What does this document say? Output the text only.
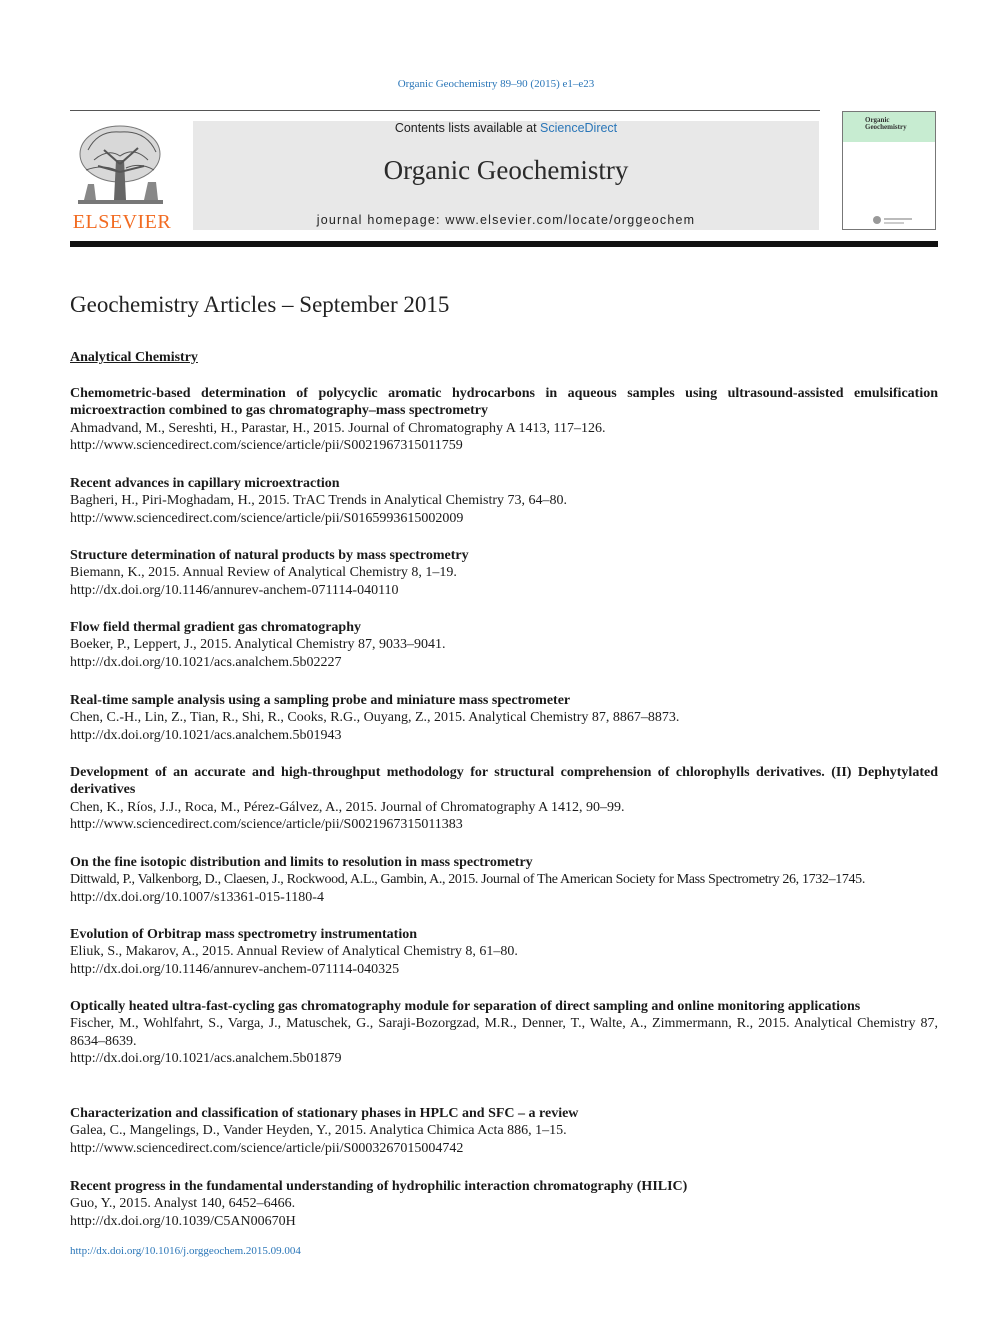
Organic Geochemistry 89–90 (2015) e1–e23
ELSEVIER
Contents lists available at ScienceDirect
Organic Geochemistry
journal homepage: www.elsevier.com/locate/orggeochem
Organic
Geochemistry
Geochemistry Articles – September 2015
Analytical Chemistry
Chemometric-based determination of polycyclic aromatic hydrocarbons in aqueous samples using ultrasound-assisted emulsification microextraction combined to gas chromatography–mass spectrometry
Ahmadvand, M., Sereshti, H., Parastar, H., 2015. Journal of Chromatography A 1413, 117–126.
http://www.sciencedirect.com/science/article/pii/S0021967315011759
Recent advances in capillary microextraction
Bagheri, H., Piri-Moghadam, H., 2015. TrAC Trends in Analytical Chemistry 73, 64–80.
http://www.sciencedirect.com/science/article/pii/S0165993615002009
Structure determination of natural products by mass spectrometry
Biemann, K., 2015. Annual Review of Analytical Chemistry 8, 1–19.
http://dx.doi.org/10.1146/annurev-anchem-071114-040110
Flow field thermal gradient gas chromatography
Boeker, P., Leppert, J., 2015. Analytical Chemistry 87, 9033–9041.
http://dx.doi.org/10.1021/acs.analchem.5b02227
Real-time sample analysis using a sampling probe and miniature mass spectrometer
Chen, C.-H., Lin, Z., Tian, R., Shi, R., Cooks, R.G., Ouyang, Z., 2015. Analytical Chemistry 87, 8867–8873.
http://dx.doi.org/10.1021/acs.analchem.5b01943
Development of an accurate and high-throughput methodology for structural comprehension of chlorophylls derivatives. (II) Dephytylated derivatives
Chen, K., Ríos, J.J., Roca, M., Pérez-Gálvez, A., 2015. Journal of Chromatography A 1412, 90–99.
http://www.sciencedirect.com/science/article/pii/S0021967315011383
On the fine isotopic distribution and limits to resolution in mass spectrometry
Dittwald, P., Valkenborg, D., Claesen, J., Rockwood, A.L., Gambin, A., 2015. Journal of The American Society for Mass Spectrometry 26, 1732–1745.
http://dx.doi.org/10.1007/s13361-015-1180-4
Evolution of Orbitrap mass spectrometry instrumentation
Eliuk, S., Makarov, A., 2015. Annual Review of Analytical Chemistry 8, 61–80.
http://dx.doi.org/10.1146/annurev-anchem-071114-040325
Optically heated ultra-fast-cycling gas chromatography module for separation of direct sampling and online monitoring applications
Fischer, M., Wohlfahrt, S., Varga, J., Matuschek, G., Saraji-Bozorgzad, M.R., Denner, T., Walte, A., Zimmermann, R., 2015. Analytical Chemistry 87, 8634–8639.
http://dx.doi.org/10.1021/acs.analchem.5b01879
Characterization and classification of stationary phases in HPLC and SFC – a review
Galea, C., Mangelings, D., Vander Heyden, Y., 2015. Analytica Chimica Acta 886, 1–15.
http://www.sciencedirect.com/science/article/pii/S0003267015004742
Recent progress in the fundamental understanding of hydrophilic interaction chromatography (HILIC)
Guo, Y., 2015. Analyst 140, 6452–6466.
http://dx.doi.org/10.1039/C5AN00670H
http://dx.doi.org/10.1016/j.orggeochem.2015.09.004
